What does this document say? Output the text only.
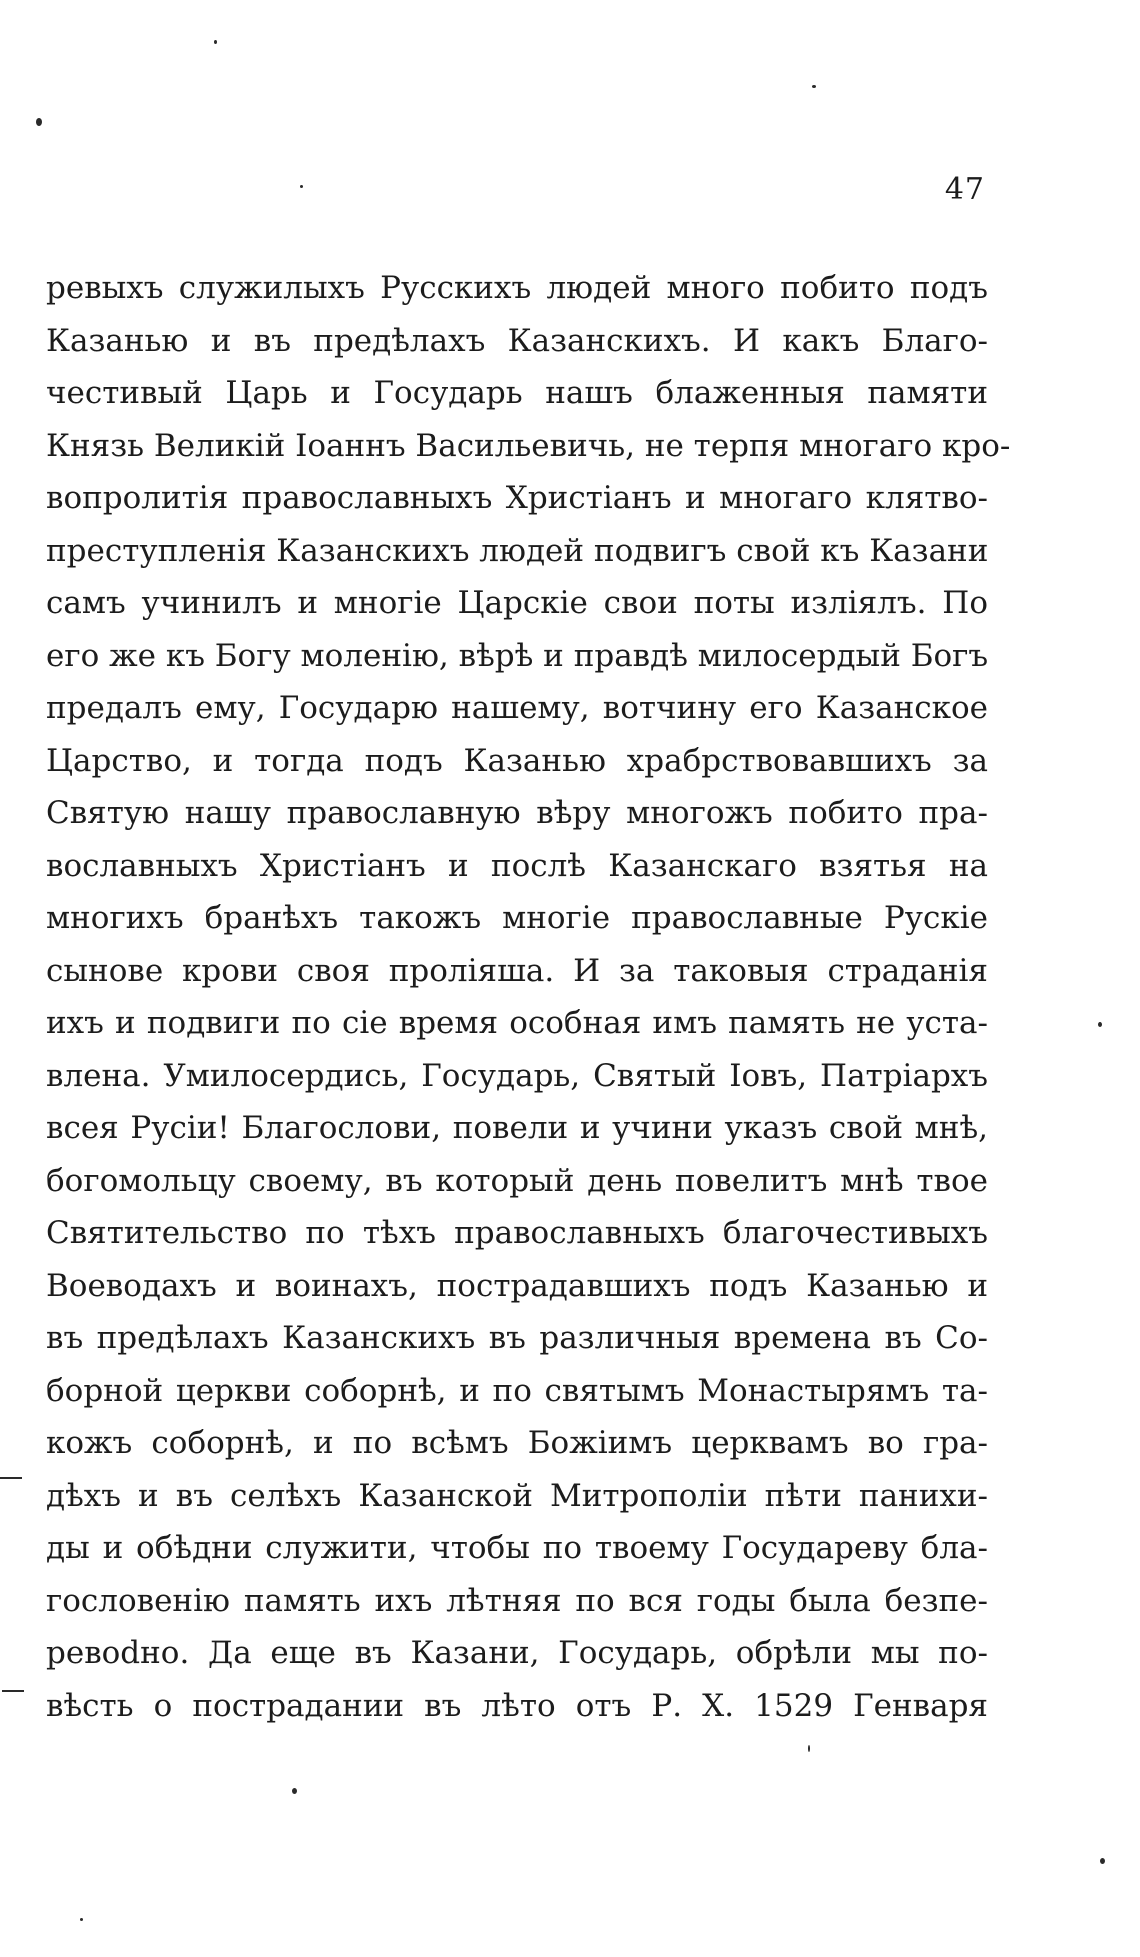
47
ревыхъ служилыхъ Русскихъ людей много побито подъ
Казанью и въ предѣлахъ Казанскихъ. И какъ Благо-
честивый Царь и Государь нашъ блаженныя памяти
Князь Великій Іоаннъ Васильевичь, не терпя многаго кро-
вопролитія православныхъ Христіанъ и многаго клятво-
преступленія Казанскихъ людей подвигъ свой къ Казани
самъ учинилъ и многіе Царскіе свои поты изліялъ. По
его же къ Богу моленію, вѣрѣ и правдѣ милосердый Богъ
предалъ ему, Государю нашему, вотчину его Казанское
Царство, и тогда подъ Казанью храбрствовавшихъ за
Святую нашу православную вѣру многожъ побито пра-
вославныхъ Христіанъ и послѣ Казанскаго взятья на
многихъ бранѣхъ такожъ многіе православные Рускіе
сынове крови своя проліяша. И за таковыя страданія
ихъ и подвиги по сіе время особная имъ память не уста-
влена. Умилосердись, Государь, Святый Іовъ, Патріархъ
всея Русіи! Благослови, повели и учини указъ свой мнѣ,
богомольцу своему, въ который день повелитъ мнѣ твое
Святительство по тѣхъ православныхъ благочестивыхъ
Воеводахъ и воинахъ, пострадавшихъ подъ Казанью и
въ предѣлахъ Казанскихъ въ различныя времена въ Со-
борной церкви соборнѣ, и по святымъ Монастырямъ та-
кожъ соборнѣ, и по всѣмъ Божіимъ церквамъ во гра-
дѣхъ и въ селѣхъ Казанской Митрополіи пѣти панихи-
ды и обѣдни служити, чтобы по твоему Государеву бла-
гословенію память ихъ лѣтняя по вся годы была безпе-
ревodно. Да еще въ Казани, Государь, обрѣли мы по-
вѣсть о пострадании въ лѣто отъ Р. Х. 1529 Генваря
